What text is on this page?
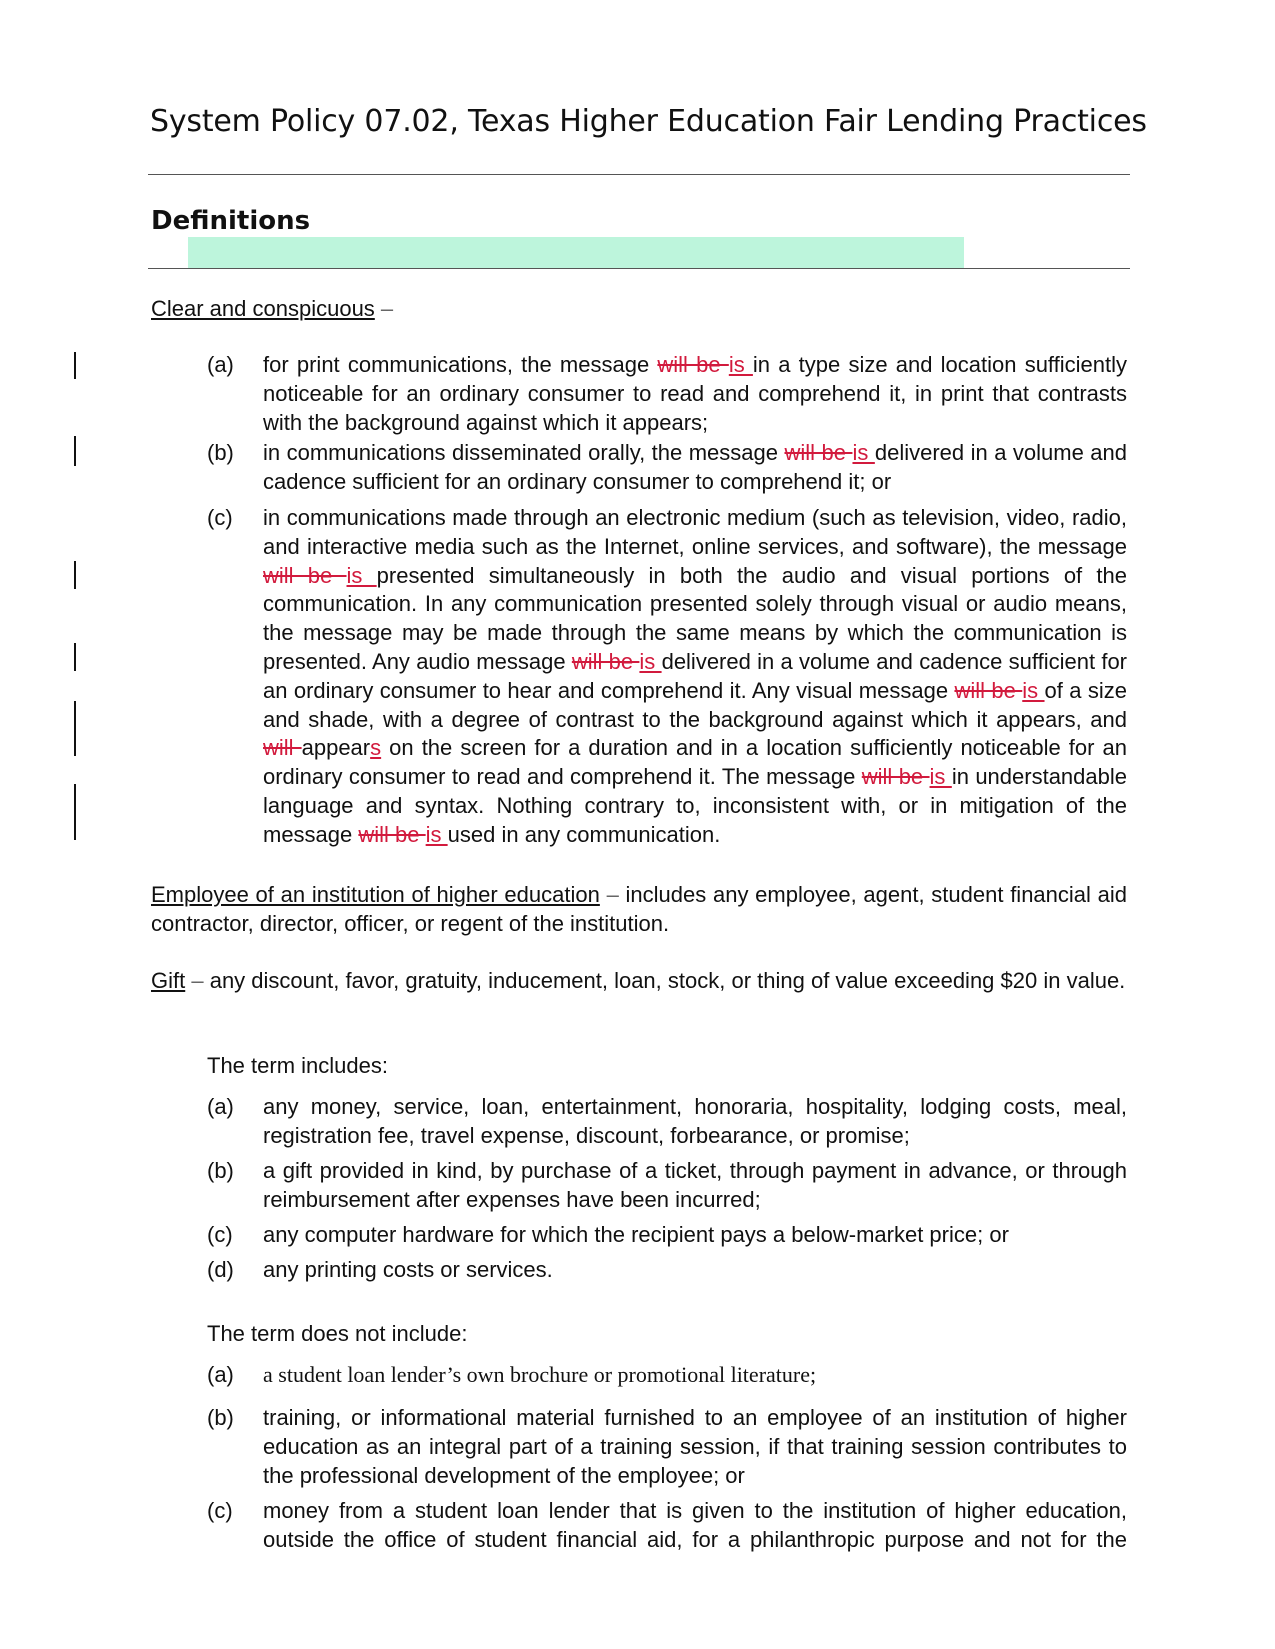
System Policy 07.02, Texas Higher Education Fair Lending Practices
Definitions

Clear and conspicuous –

(a)	for print communications, the message will be is in a type size and location sufficiently noticeable for an ordinary consumer to read and comprehend it, in print that contrasts with the background against which it appears;
(b)	in communications disseminated orally, the message will be is delivered in a volume and cadence sufficient for an ordinary consumer to comprehend it; or
(c)	in communications made through an electronic medium (such as television, video, radio, and interactive media such as the Internet, online services, and software), the message will be is presented simultaneously in both the audio and visual portions of the communication. In any communication presented solely through visual or audio means, the message may be made through the same means by which the communication is presented. Any audio message will be is delivered in a volume and cadence sufficient for an ordinary consumer to hear and comprehend it. Any visual message will be is of a size and shade, with a degree of contrast to the background against which it appears, and will appears on the screen for a duration and in a location sufficiently noticeable for an ordinary consumer to read and comprehend it. The message will be is in understandable language and syntax. Nothing contrary to, inconsistent with, or in mitigation of the message will be is used in any communication.

Employee of an institution of higher education – includes any employee, agent, student financial aid contractor, director, officer, or regent of the institution.

Gift – any discount, favor, gratuity, inducement, loan, stock, or thing of value exceeding $20 in value.

The term includes:

(a)	any money, service, loan, entertainment, honoraria, hospitality, lodging costs, meal, registration fee, travel expense, discount, forbearance, or promise;
(b)	a gift provided in kind, by purchase of a ticket, through payment in advance, or through reimbursement after expenses have been incurred;
(c)	any computer hardware for which the recipient pays a below-market price; or
(d)	any printing costs or services.

The term does not include:

(a)	a student loan lender’s own brochure or promotional literature;
(b)	training, or informational material furnished to an employee of an institution of higher education as an integral part of a training session, if that training session contributes to the professional development of the employee; or
(c)	money from a student loan lender that is given to the institution of higher education, outside the office of student financial aid, for a philanthropic purpose and not for the
